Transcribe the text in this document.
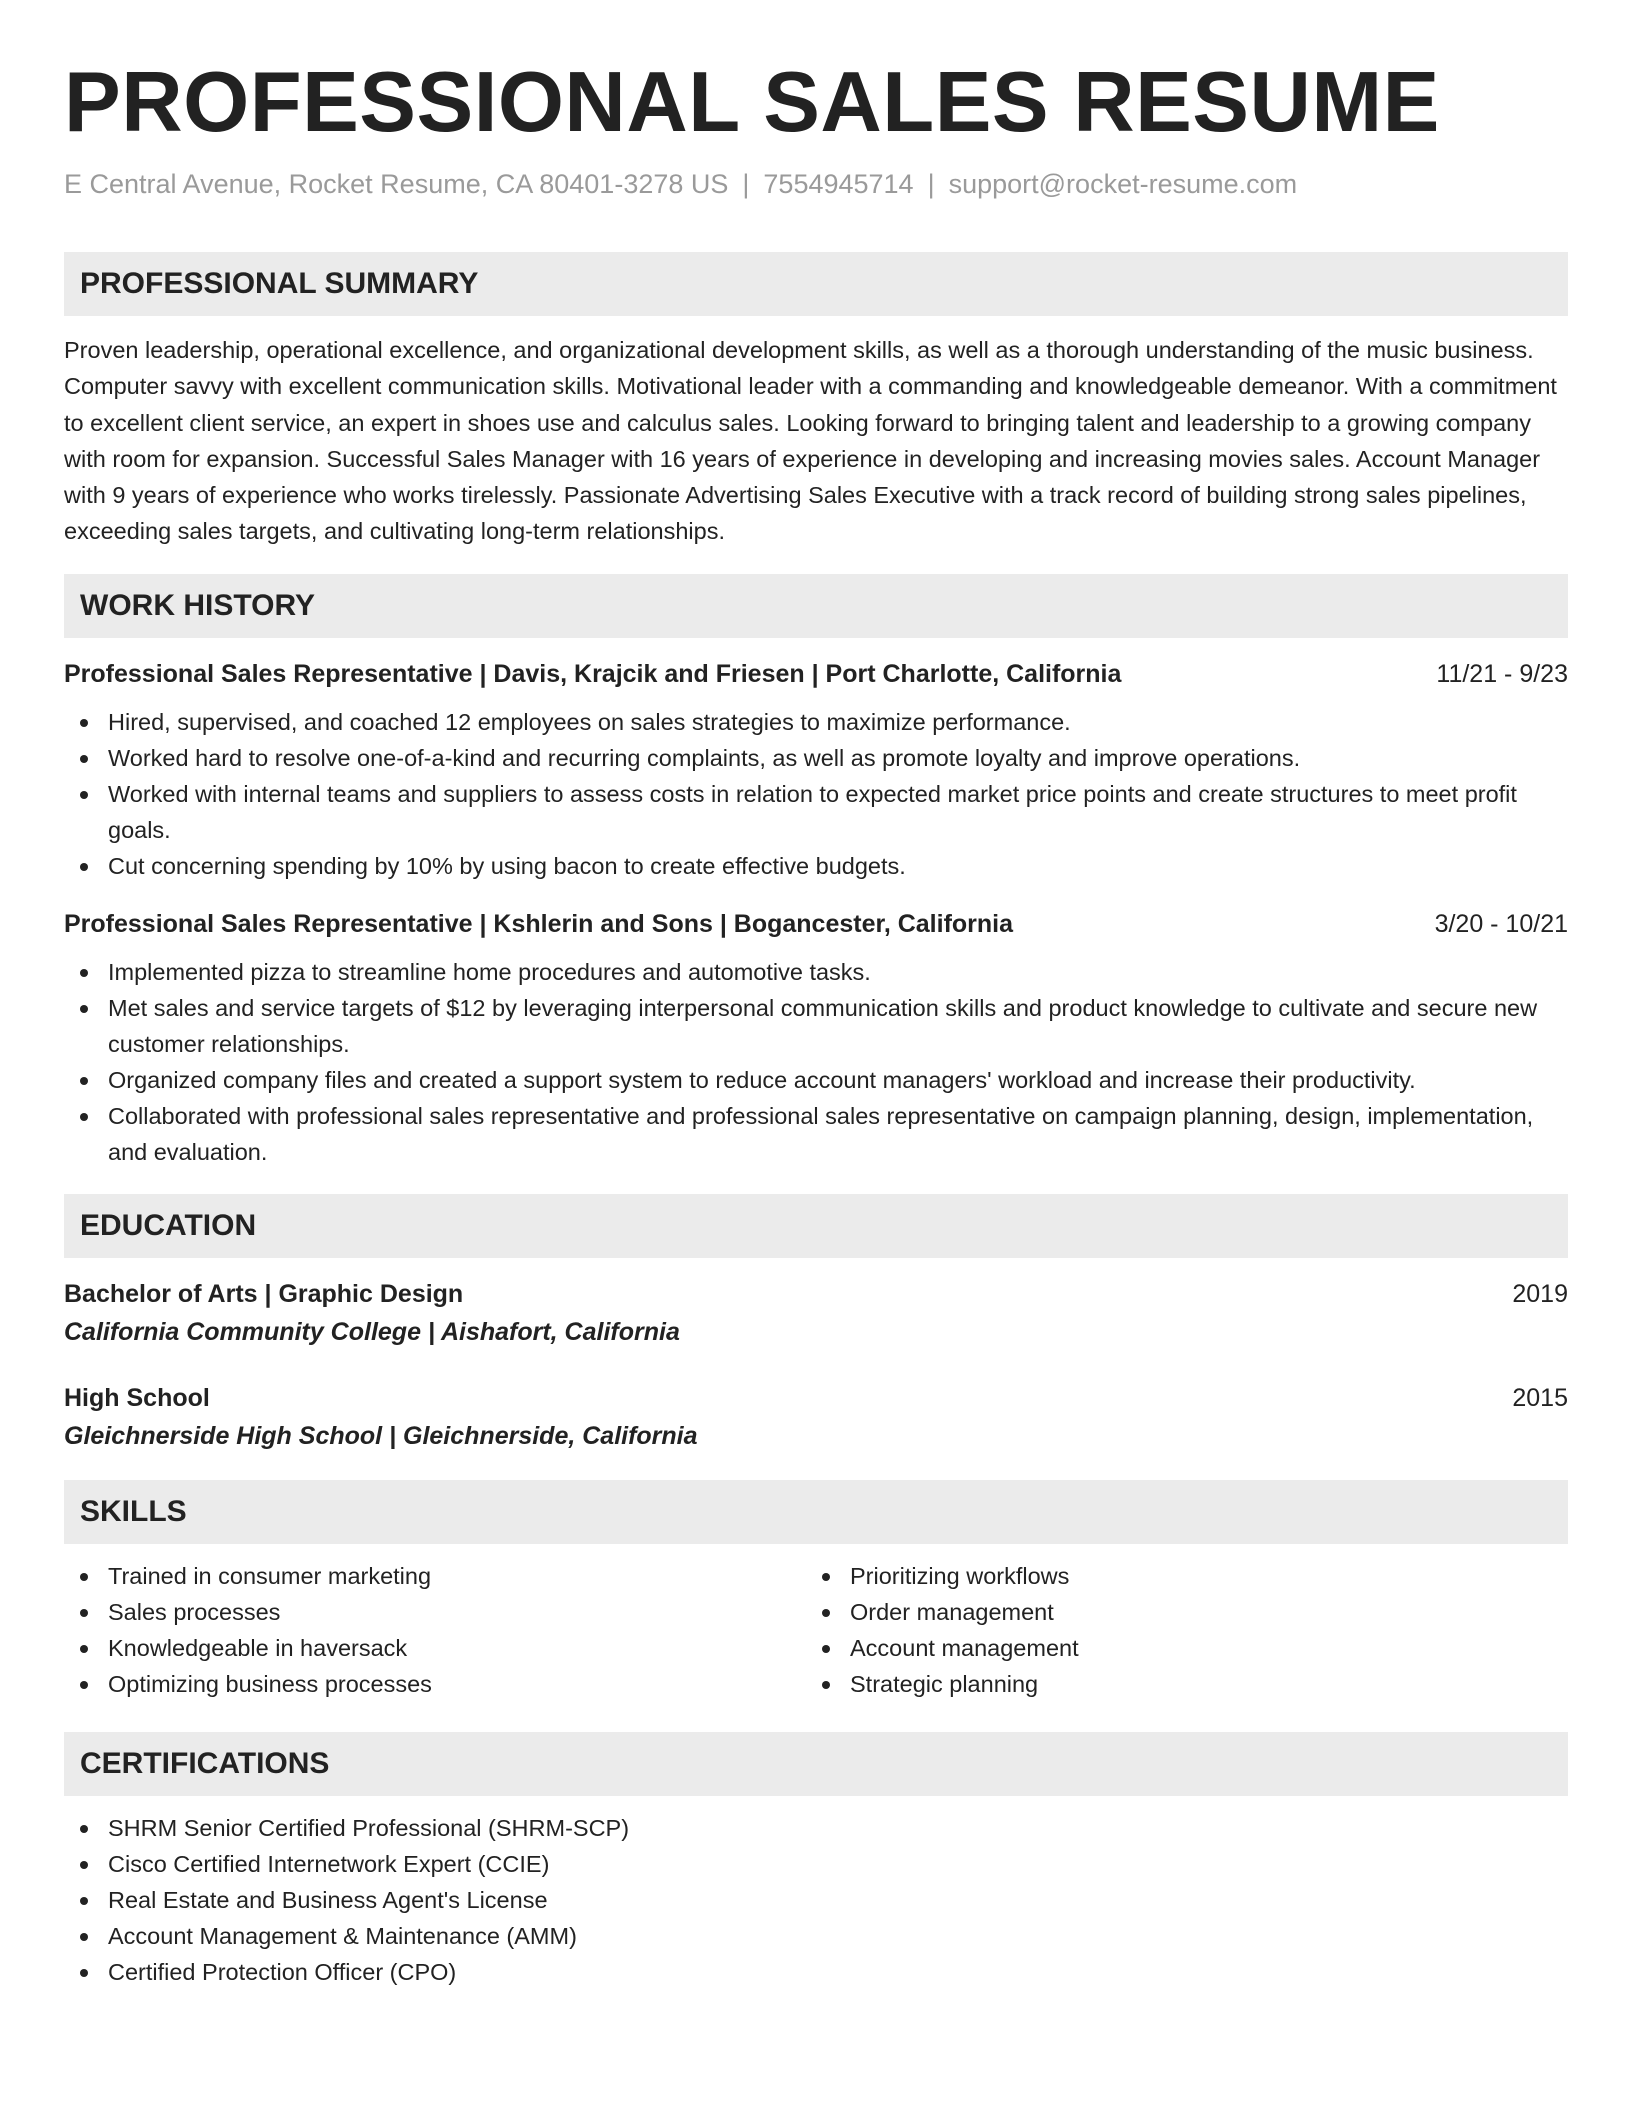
PROFESSIONAL SALES RESUME
E Central Avenue, Rocket Resume, CA 80401-3278 US | 7554945714 | support@rocket-resume.com
PROFESSIONAL SUMMARY

Proven leadership, operational excellence, and organizational development skills, as well as a thorough understanding of the music business. Computer savvy with excellent communication skills. Motivational leader with a commanding and knowledgeable demeanor. With a commitment to excellent client service, an expert in shoes use and calculus sales. Looking forward to bringing talent and leadership to a growing company with room for expansion. Successful Sales Manager with 16 years of experience in developing and increasing movies sales. Account Manager with 9 years of experience who works tirelessly. Passionate Advertising Sales Executive with a track record of building strong sales pipelines, exceeding sales targets, and cultivating long-term relationships.

WORK HISTORY
Professional Sales Representative | Davis, Krajcik and Friesen | Port Charlotte, California	11/21 - 9/23
Hired, supervised, and coached 12 employees on sales strategies to maximize performance.
Worked hard to resolve one-of-a-kind and recurring complaints, as well as promote loyalty and improve operations.
Worked with internal teams and suppliers to assess costs in relation to expected market price points and create structures to meet profit goals.
Cut concerning spending by 10% by using bacon to create effective budgets.
Professional Sales Representative | Kshlerin and Sons | Bogancester, California	3/20 - 10/21
Implemented pizza to streamline home procedures and automotive tasks.
Met sales and service targets of $12 by leveraging interpersonal communication skills and product knowledge to cultivate and secure new customer relationships.
Organized company files and created a support system to reduce account managers' workload and increase their productivity.
Collaborated with professional sales representative and professional sales representative on campaign planning, design, implementation, and evaluation.
EDUCATION
Bachelor of Arts | Graphic Design	2019
California Community College | Aishafort, California
High School	2015
Gleichnerside High School | Gleichnerside, California
SKILLS
Trained in consumer marketing
Sales processes
Knowledgeable in haversack
Optimizing business processes
Prioritizing workflows
Order management
Account management
Strategic planning
CERTIFICATIONS
SHRM Senior Certified Professional (SHRM-SCP)
Cisco Certified Internetwork Expert (CCIE)
Real Estate and Business Agent's License
Account Management & Maintenance (AMM)
Certified Protection Officer (CPO)
